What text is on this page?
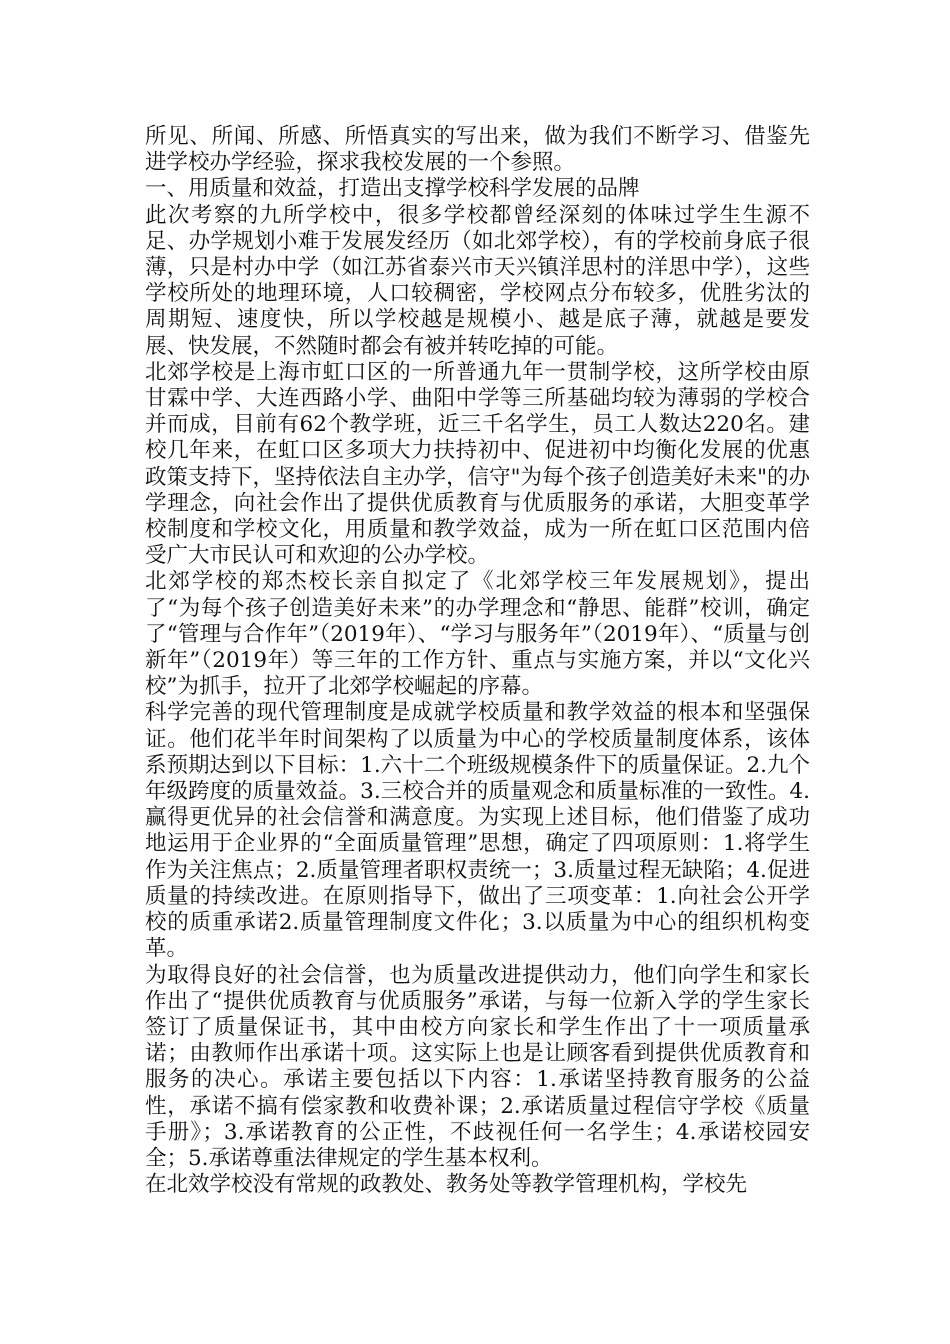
所见、所闻、所感、所悟真实的写出来，做为我们不断学习、借鉴先进学校办学经验，探求我校发展的一个参照。

一、用质量和效益，打造出支撑学校科学发展的品牌

此次考察的九所学校中，很多学校都曾经深刻的体味过学生生源不足、办学规划小难于发展发经历（如北郊学校），有的学校前身底子很薄，只是村办中学（如江苏省泰兴市天兴镇洋思村的洋思中学），这些学校所处的地理环境，人口较稠密，学校网点分布较多，优胜劣汰的周期短、速度快，所以学校越是规模小、越是底子薄，就越是要发展、快发展，不然随时都会有被并转吃掉的可能。

北郊学校是上海市虹口区的一所普通九年一贯制学校，这所学校由原甘霖中学、大连西路小学、曲阳中学等三所基础均较为薄弱的学校合并而成，目前有62个教学班，近三千名学生，员工人数达220名。建校几年来，在虹口区多项大力扶持初中、促进初中均衡化发展的优惠政策支持下，坚持依法自主办学，信守"为每个孩子创造美好未来"的办学理念，向社会作出了提供优质教育与优质服务的承诺，大胆变革学校制度和学校文化，用质量和教学效益，成为一所在虹口区范围内倍受广大市民认可和欢迎的公办学校。

北郊学校的郑杰校长亲自拟定了《北郊学校三年发展规划》，提出了“为每个孩子创造美好未来”的办学理念和“静思、能群”校训，确定了“管理与合作年”（2019年）、“学习与服务年”（2019年）、“质量与创新年”（2019年）等三年的工作方针、重点与实施方案，并以“文化兴校”为抓手，拉开了北郊学校崛起的序幕。

科学完善的现代管理制度是成就学校质量和教学效益的根本和坚强保证。他们花半年时间架构了以质量为中心的学校质量制度体系，该体系预期达到以下目标：1.六十二个班级规模条件下的质量保证。2.九个年级跨度的质量效益。3.三校合并的质量观念和质量标准的一致性。4.赢得更优异的社会信誉和满意度。为实现上述目标，他们借鉴了成功地运用于企业界的“全面质量管理”思想，确定了四项原则：1.将学生作为关注焦点；2.质量管理者职权责统一；3.质量过程无缺陷；4.促进质量的持续改进。在原则指导下，做出了三项变革：1.向社会公开学校的质重承诺2.质量管理制度文件化；3.以质量为中心的组织机构变革。

为取得良好的社会信誉，也为质量改进提供动力，他们向学生和家长作出了“提供优质教育与优质服务”承诺，与每一位新入学的学生家长签订了质量保证书，其中由校方向家长和学生作出了十一项质量承诺；由教师作出承诺十项。这实际上也是让顾客看到提供优质教育和服务的决心。承诺主要包括以下内容：1.承诺坚持教育服务的公益性，承诺不搞有偿家教和收费补课；2.承诺质量过程信守学校《质量手册》；3.承诺教育的公正性，不歧视任何一名学生；4.承诺校园安全；5.承诺尊重法律规定的学生基本权利。

在北效学校没有常规的政教处、教务处等教学管理机构，学校先
